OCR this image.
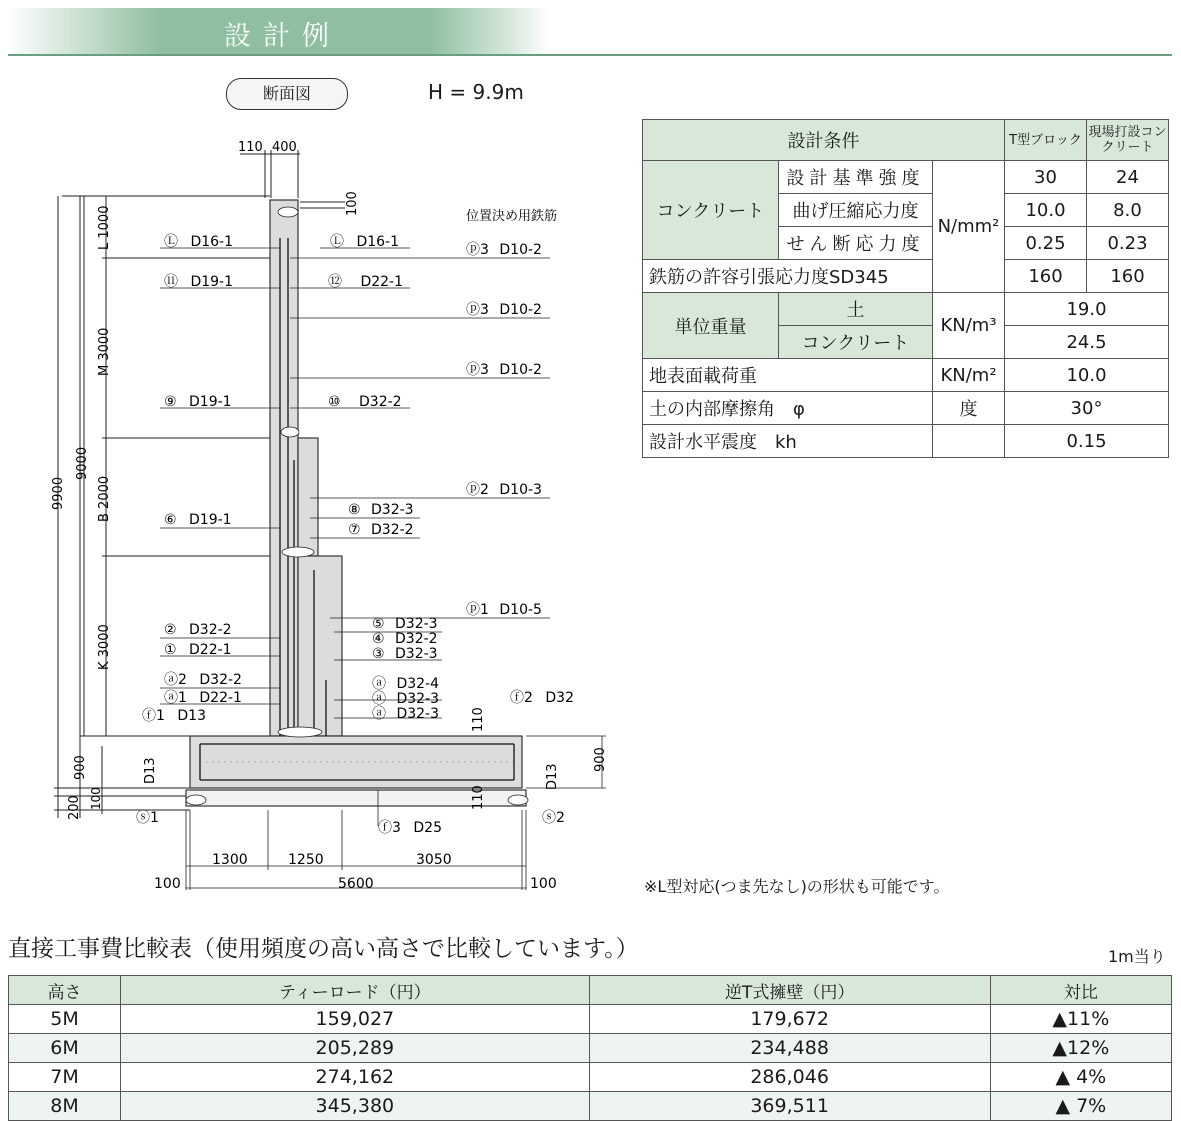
設計例
断面図	H = 9.9m
110 400
100
9900
9000
L 1000
M 3000
B 2000
K 3000
900
100
200
位置決め用鉄筋
Ⓛ D16-1
⑪ D19-1
⑨ D19-1
⑥ D19-1
② D32-2
① D22-1
ⓐ2 D32-2
ⓐ1 D22-1
ⓕ1 D13
Ⓛ D16-1
⑫ D22-1
⑩ D32-2
⑧ D32-3
⑦ D32-2
⑤ D32-3
④ D32-2
③ D32-3
ⓐ D32-4
ⓐ D32-3
ⓐ D32-3
ⓟ3 D10-2
ⓟ3 D10-2
ⓟ3 D10-2
ⓟ2 D10-3
ⓟ1 D10-5
ⓕ2 D32
D13	D13
110
110
900
ⓕ3 D25
ⓢ1	ⓢ2
1300	1250	3050
5600
100	100
設計条件			T型ブロック	現場打設コンクリート
コンクリート	設計基準強度	N/mm²	30	24
	曲げ圧縮応力度		10.0	8.0
	せん断応力度		0.25	0.23
鉄筋の許容引張応力度SD345			160	160
単位重量	土	KN/m³	19.0	
	コンクリート		24.5	
地表面載荷重		KN/m²	10.0	
土の内部摩擦角　φ		度	30°	
設計水平震度　kh			0.15	
※L型対応(つま先なし)の形状も可能です。
直接工事費比較表（使用頻度の高い高さで比較しています。）	1m当り
高さ	ティーロード（円）	逆T式擁壁（円）	対比
5M	159,027	179,672	▲11%
6M	205,289	234,488	▲12%
7M	274,162	286,046	▲ 4%
8M	345,380	369,511	▲ 7%
